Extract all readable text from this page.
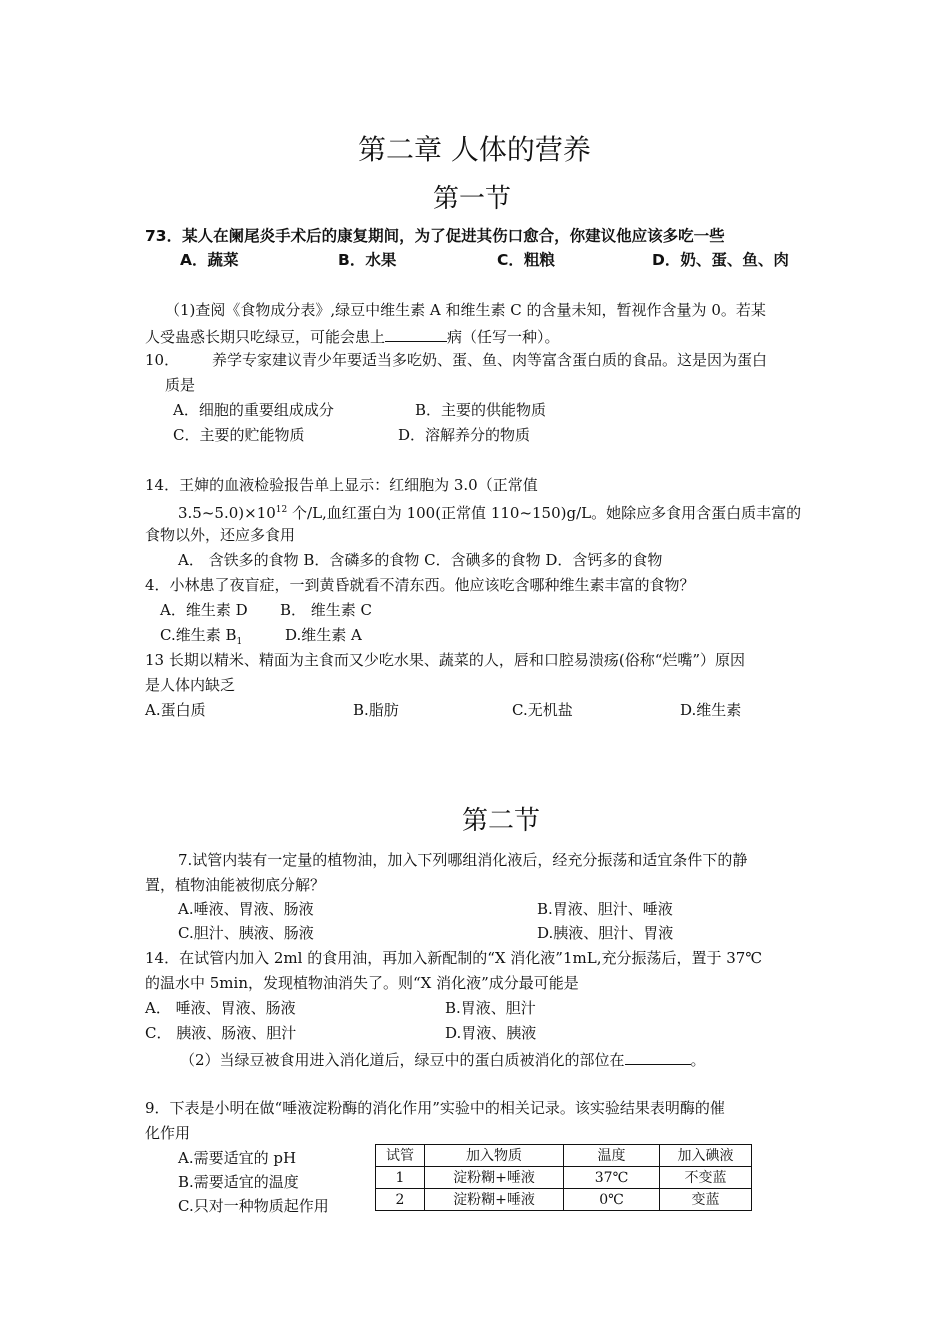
第二章 人体的营养
第一节
73．某人在阑尾炎手术后的康复期间，为了促进其伤口愈合，你建议他应该多吃一些
A．蔬菜	B．水果	C．粗粮	D．奶、蛋、鱼、肉
（1)查阅《食物成分表》,绿豆中维生素 A 和维生素 C 的含量未知，暂视作含量为 0。若某
人受蛊惑长期只吃绿豆，可能会患上	病（任写一种）。
10． 养学专家建议青少年要适当多吃奶、蛋、鱼、肉等富含蛋白质的食品。这是因为蛋白
质是
A．细胞的重要组成成分	B．主要的供能物质
C．主要的贮能物质	D．溶解养分的物质
14．王婶的血液检验报告单上显示：红细胞为 3.0（正常值
$3.5\sim 5.0)\times 10^{12}$ 个/L,血红蛋白为 100(正常值 110~150)g/L。她除应多食用含蛋白质丰富的
食物以外，还应多食用
A． 含铁多的食物 B．含磷多的食物 C．含碘多的食物 D．含钙多的食物
4．小林患了夜盲症，一到黄昏就看不清东西。他应该吃含哪种维生素丰富的食物？
A．维生素 D B． 维生素 C
C.维生素 $B_1$	D.维生素 A
13 长期以精米、精面为主食而又少吃水果、蔬菜的人，唇和口腔易溃疡(俗称“烂嘴”）原因
是人体内缺乏
A.蛋白质	B.脂肪	C.无机盐	D.维生素
第二节
7.试管内装有一定量的植物油，加入下列哪组消化液后，经充分振荡和适宜条件下的静
置，植物油能被彻底分解？
A.唾液、胃液、肠液	B.胃液、胆汁、唾液
C.胆汁、胰液、肠液	D.胰液、胆汁、胃液
14．在试管内加入 2ml 的食用油，再加入新配制的“X 消化液”1mL,充分振荡后，置于 37℃
的温水中 5min，发现植物油消失了。则“X 消化液”成分最可能是
A． 唾液、胃液、肠液	B.胃液、胆汁
C． 胰液、肠液、胆汁	D.胃液、胰液
（2）当绿豆被食用进入消化道后，绿豆中的蛋白质被消化的部位在	。
9．下表是小明在做“唾液淀粉酶的消化作用”实验中的相关记录。该实验结果表明酶的催
化作用
A.需要适宜的 pH
B.需要适宜的温度
C.只对一种物质起作用
试管	加入物质	温度	加入碘液
1	淀粉糊+唾液	37℃	不变蓝
2	淀粉糊+唾液	0℃	变蓝
